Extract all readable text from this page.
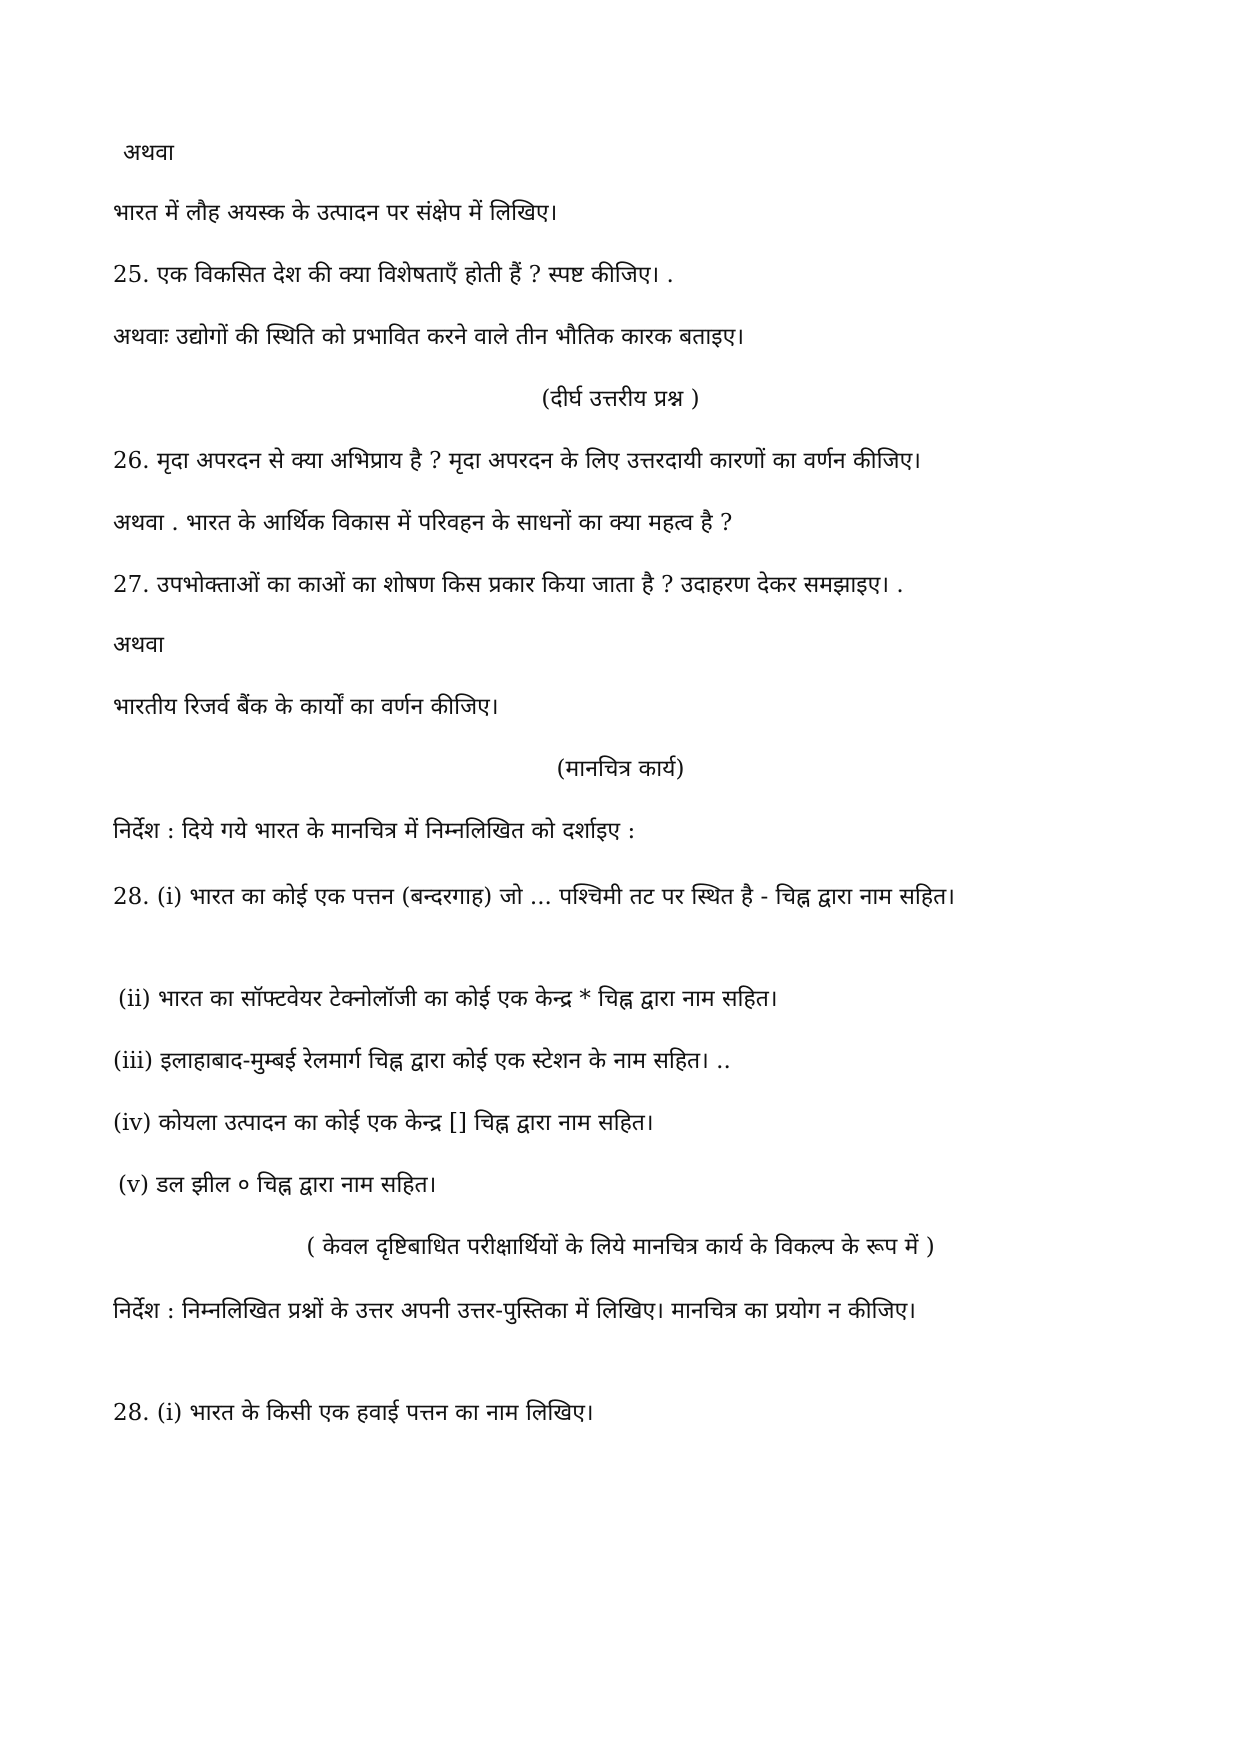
अथवा
भारत में लौह अयस्क के उत्पादन पर संक्षेप में लिखिए।
25. एक विकसित देश की क्या विशेषताएँ होती हैं ? स्पष्ट कीजिए। .
अथवाः उद्योगों की स्थिति को प्रभावित करने वाले तीन भौतिक कारक बताइए।
(दीर्घ उत्तरीय प्रश्न )
26. मृदा अपरदन से क्या अभिप्राय है ? मृदा अपरदन के लिए उत्तरदायी कारणों का वर्णन कीजिए।
अथवा . भारत के आर्थिक विकास में परिवहन के साधनों का क्या महत्व है ?
27. उपभोक्ताओं का काओं का शोषण किस प्रकार किया जाता है ? उदाहरण देकर समझाइए। .
अथवा
भारतीय रिजर्व बैंक के कार्यों का वर्णन कीजिए।
(मानचित्र कार्य)
निर्देश : दिये गये भारत के मानचित्र में निम्नलिखित को दर्शाइए :
28. (i) भारत का कोई एक पत्तन (बन्दरगाह) जो ... पश्चिमी तट पर स्थित है - चिह्न द्वारा नाम सहित।
(ii) भारत का सॉफ्टवेयर टेक्नोलॉजी का कोई एक केन्द्र * चिह्न द्वारा नाम सहित।
(iii) इलाहाबाद-मुम्बई रेलमार्ग चिह्न द्वारा कोई एक स्टेशन के नाम सहित। ..
(iv) कोयला उत्पादन का कोई एक केन्द्र [] चिह्न द्वारा नाम सहित।
(v) डल झील ० चिह्न द्वारा नाम सहित।
( केवल दृष्टिबाधित परीक्षार्थियों के लिये मानचित्र कार्य के विकल्प के रूप में )
निर्देश : निम्नलिखित प्रश्नों के उत्तर अपनी उत्तर-पुस्तिका में लिखिए। मानचित्र का प्रयोग न कीजिए।
28. (i) भारत के किसी एक हवाई पत्तन का नाम लिखिए।
